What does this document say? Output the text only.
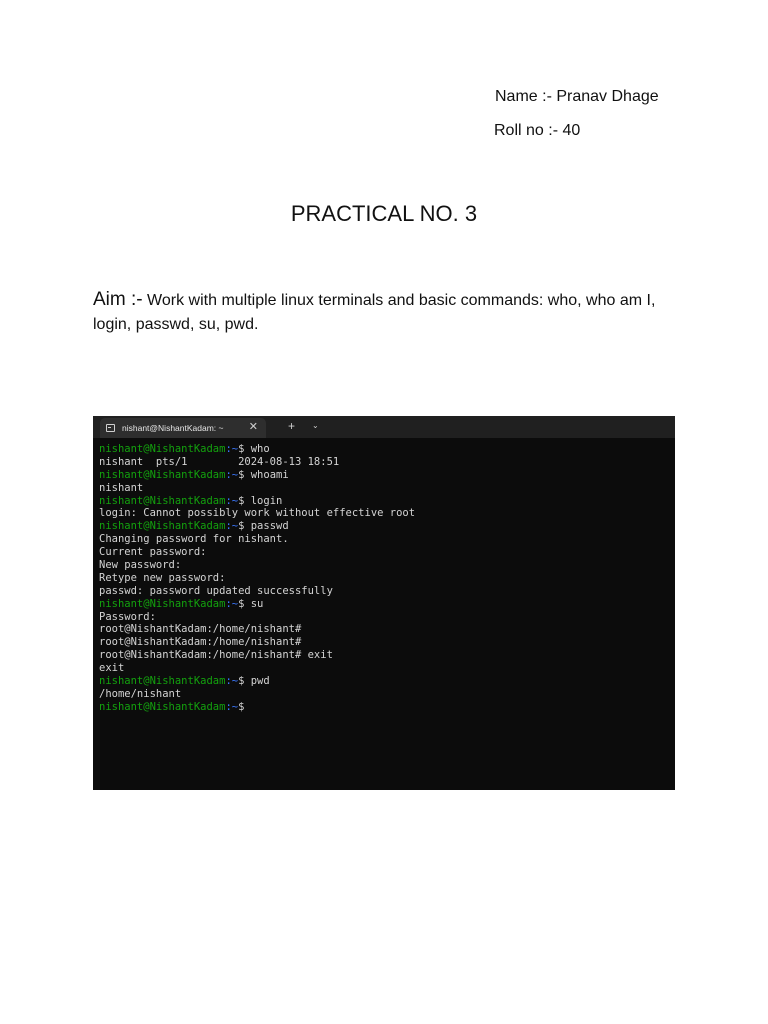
Name :- Pranav Dhage
Roll no :- 40
PRACTICAL NO. 3
Aim :- Work with multiple linux terminals and basic commands: who, who am I, login, passwd, su, pwd.
nishant@NishantKadam: ~ ✕	+ ⌄
nishant@NishantKadam:~$ who
nishant  pts/1        2024-08-13 18:51
nishant@NishantKadam:~$ whoami
nishant
nishant@NishantKadam:~$ login
login: Cannot possibly work without effective root
nishant@NishantKadam:~$ passwd
Changing password for nishant.
Current password:
New password:
Retype new password:
passwd: password updated successfully
nishant@NishantKadam:~$ su
Password:
root@NishantKadam:/home/nishant#
root@NishantKadam:/home/nishant#
root@NishantKadam:/home/nishant# exit
exit
nishant@NishantKadam:~$ pwd
/home/nishant
nishant@NishantKadam:~$
